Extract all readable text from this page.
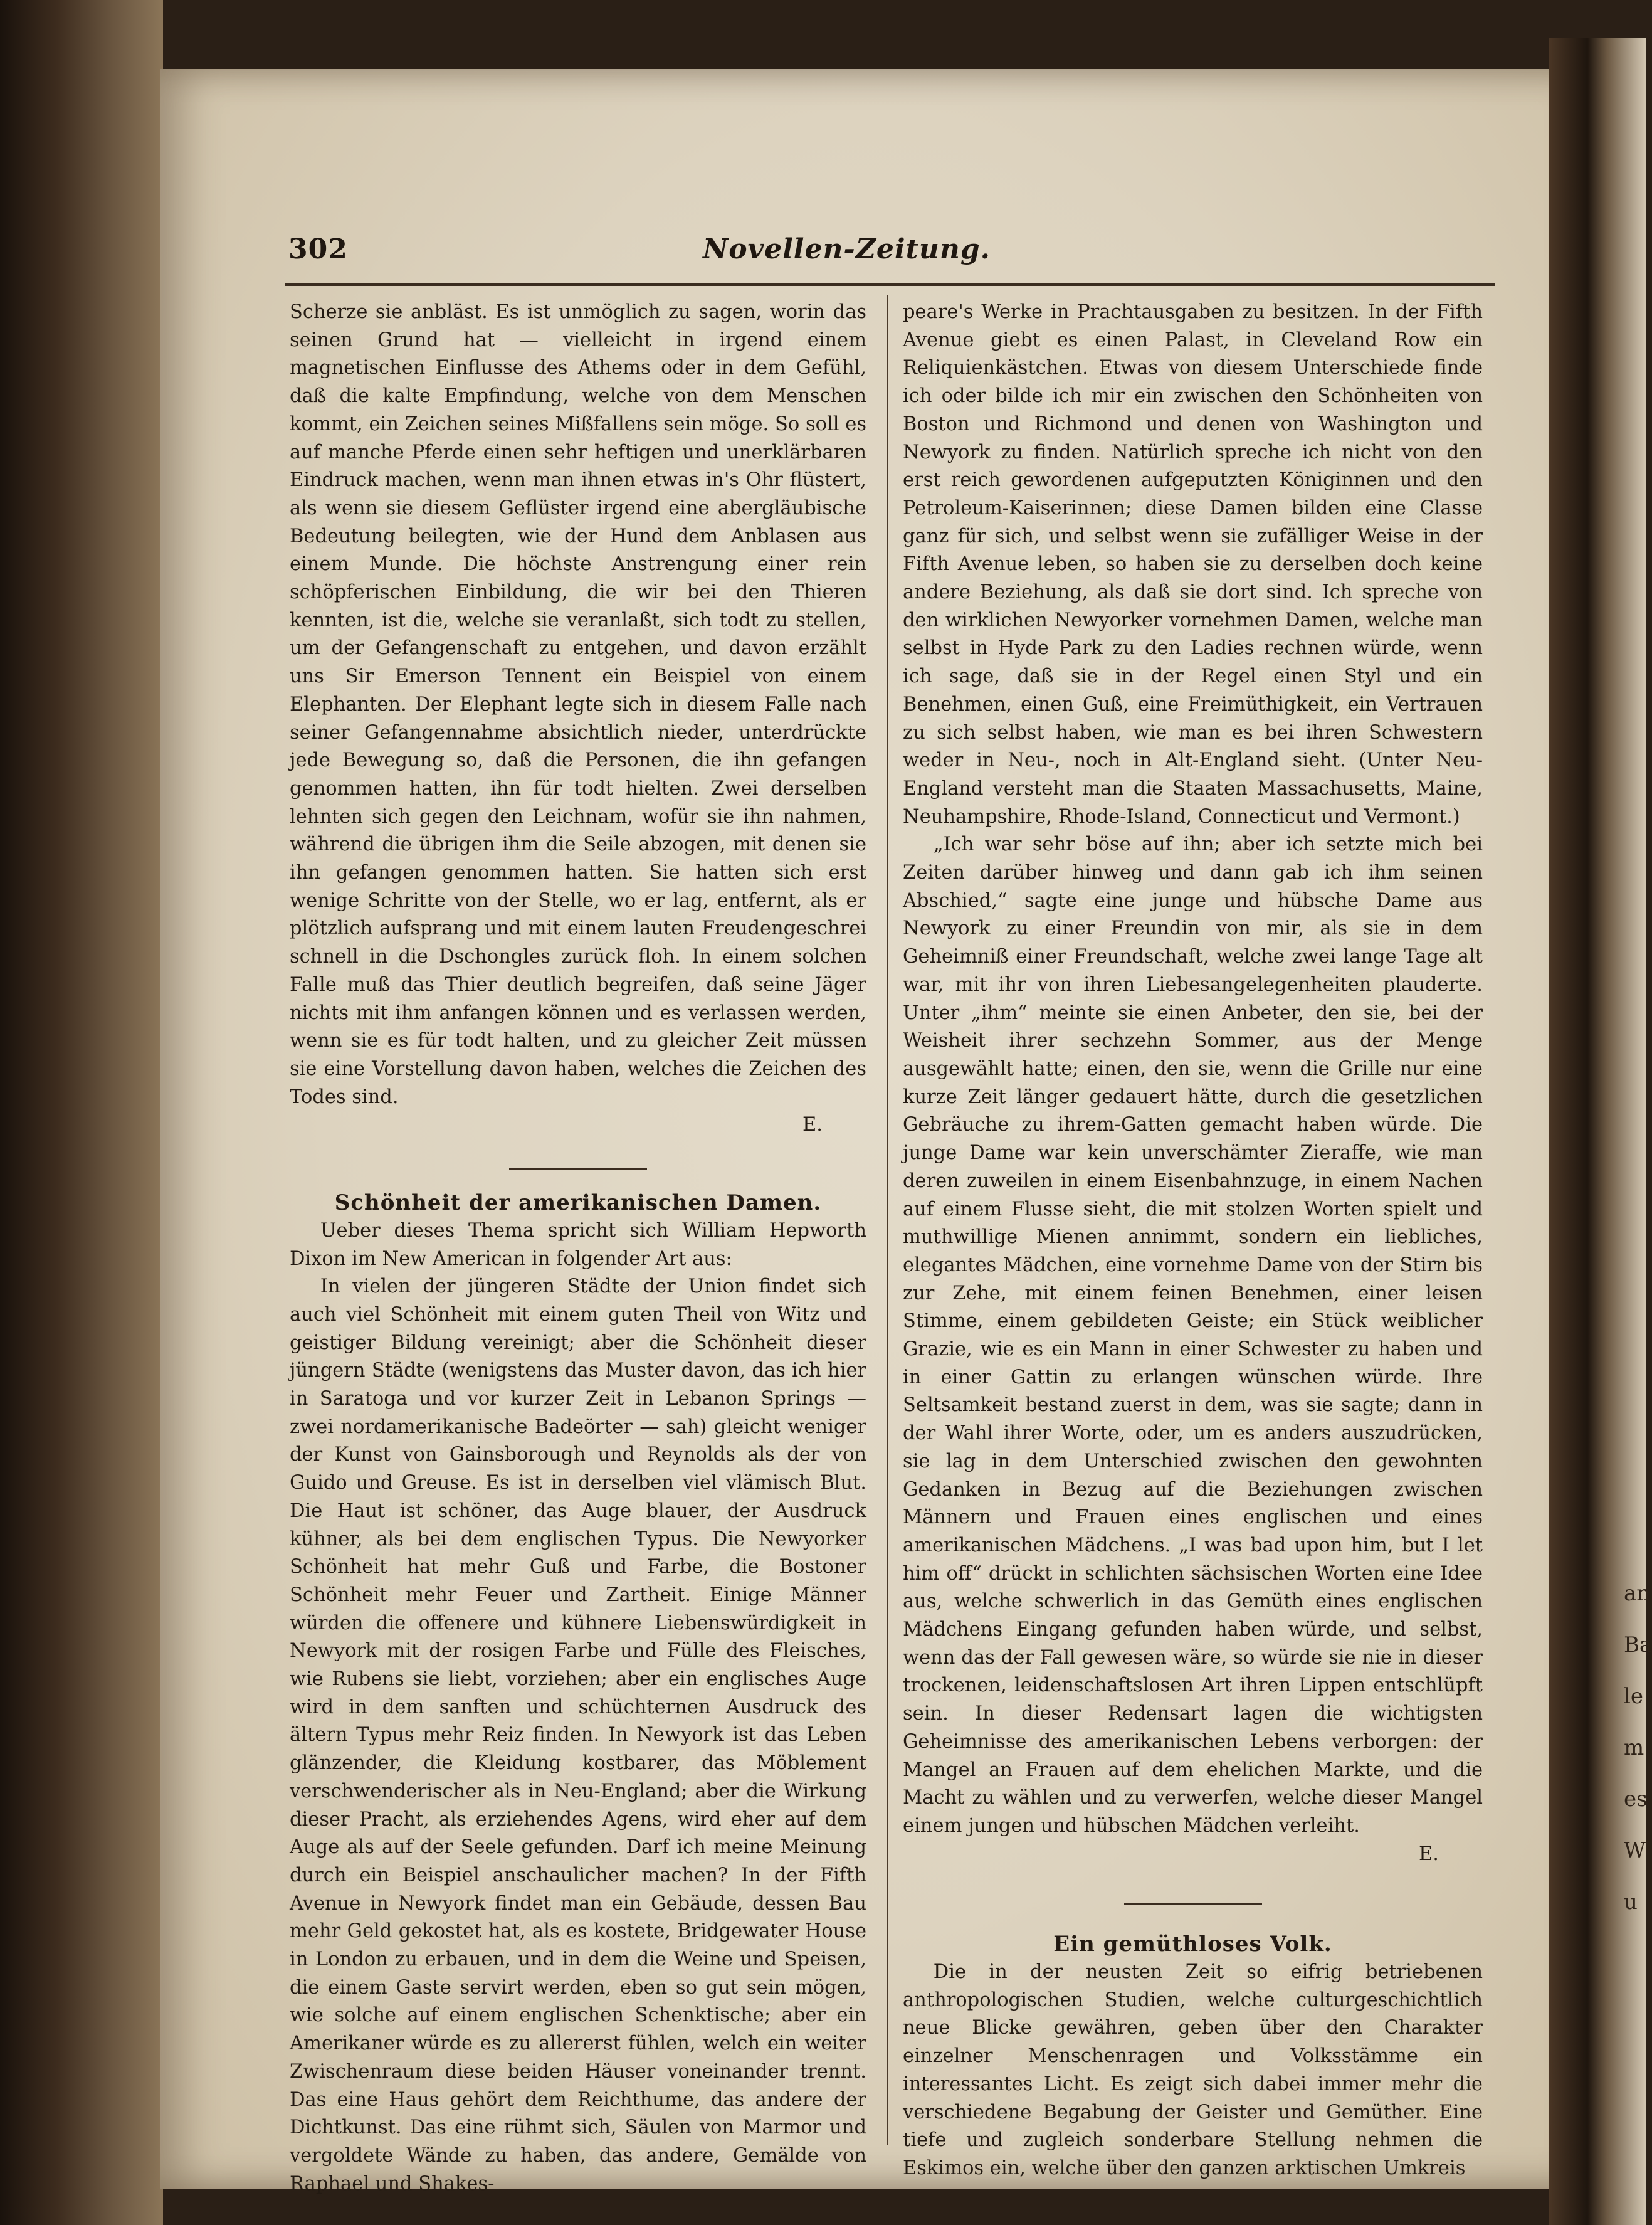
an
Ba
le
m
es
W
u
302	Novellen-Zeitung.

Scherze sie anbläst. Es ist unmöglich zu sagen, worin das seinen Grund hat — vielleicht in irgend einem magnetischen Einflusse des Athems oder in dem Gefühl, daß die kalte Empfindung, welche von dem Menschen kommt, ein Zeichen seines Mißfallens sein möge. So soll es auf manche Pferde einen sehr heftigen und unerklärbaren Eindruck machen, wenn man ihnen etwas in's Ohr flüstert, als wenn sie diesem Geflüster irgend eine abergläubische Bedeutung beilegten, wie der Hund dem Anblasen aus einem Munde. Die höchste Anstrengung einer rein schöpferischen Einbildung, die wir bei den Thieren kennten, ist die, welche sie veranlaßt, sich todt zu stellen, um der Gefangenschaft zu entgehen, und davon erzählt uns Sir Emerson Tennent ein Beispiel von einem Elephanten. Der Elephant legte sich in diesem Falle nach seiner Gefangennahme absichtlich nieder, unterdrückte jede Bewegung so, daß die Personen, die ihn gefangen genommen hatten, ihn für todt hielten. Zwei derselben lehnten sich gegen den Leichnam, wofür sie ihn nahmen, während die übrigen ihm die Seile abzogen, mit denen sie ihn gefangen genommen hatten. Sie hatten sich erst wenige Schritte von der Stelle, wo er lag, entfernt, als er plötzlich aufsprang und mit einem lauten Freudengeschrei schnell in die Dschongles zurück floh. In einem solchen Falle muß das Thier deutlich begreifen, daß seine Jäger nichts mit ihm anfangen können und es verlassen werden, wenn sie es für todt halten, und zu gleicher Zeit müssen sie eine Vorstellung davon haben, welches die Zeichen des Todes sind.

E.

Schönheit der amerikanischen Damen.

Ueber dieses Thema spricht sich William Hepworth Dixon im New American in folgender Art aus:

In vielen der jüngeren Städte der Union findet sich auch viel Schönheit mit einem guten Theil von Witz und geistiger Bildung vereinigt; aber die Schönheit dieser jüngern Städte (wenigstens das Muster davon, das ich hier in Saratoga und vor kurzer Zeit in Lebanon Springs — zwei nordamerikanische Badeörter — sah) gleicht weniger der Kunst von Gainsborough und Reynolds als der von Guido und Greuse. Es ist in derselben viel vlämisch Blut. Die Haut ist schöner, das Auge blauer, der Ausdruck kühner, als bei dem englischen Typus. Die Newyorker Schönheit hat mehr Guß und Farbe, die Bostoner Schönheit mehr Feuer und Zartheit. Einige Männer würden die offenere und kühnere Liebenswürdigkeit in Newyork mit der rosigen Farbe und Fülle des Fleisches, wie Rubens sie liebt, vorziehen; aber ein englisches Auge wird in dem sanften und schüchternen Ausdruck des ältern Typus mehr Reiz finden. In Newyork ist das Leben glänzender, die Kleidung kostbarer, das Möblement verschwenderischer als in Neu-England; aber die Wirkung dieser Pracht, als erziehendes Agens, wird eher auf dem Auge als auf der Seele gefunden. Darf ich meine Meinung durch ein Beispiel anschaulicher machen? In der Fifth Avenue in Newyork findet man ein Gebäude, dessen Bau mehr Geld gekostet hat, als es kostete, Bridgewater House in London zu erbauen, und in dem die Weine und Speisen, die einem Gaste servirt werden, eben so gut sein mögen, wie solche auf einem englischen Schenktische; aber ein Amerikaner würde es zu allererst fühlen, welch ein weiter Zwischenraum diese beiden Häuser voneinander trennt. Das eine Haus gehört dem Reichthume, das andere der Dichtkunst. Das eine rühmt sich, Säulen von Marmor und vergoldete Wände zu haben, das andere, Gemälde von Raphael und Shakes-

peare's Werke in Prachtausgaben zu besitzen. In der Fifth Avenue giebt es einen Palast, in Cleveland Row ein Reliquienkästchen. Etwas von diesem Unterschiede finde ich oder bilde ich mir ein zwischen den Schönheiten von Boston und Richmond und denen von Washington und Newyork zu finden. Natürlich spreche ich nicht von den erst reich gewordenen aufgeputzten Königinnen und den Petroleum-Kaiserinnen; diese Damen bilden eine Classe ganz für sich, und selbst wenn sie zufälliger Weise in der Fifth Avenue leben, so haben sie zu derselben doch keine andere Beziehung, als daß sie dort sind. Ich spreche von den wirklichen Newyorker vornehmen Damen, welche man selbst in Hyde Park zu den Ladies rechnen würde, wenn ich sage, daß sie in der Regel einen Styl und ein Benehmen, einen Guß, eine Freimüthigkeit, ein Vertrauen zu sich selbst haben, wie man es bei ihren Schwestern weder in Neu-, noch in Alt-England sieht. (Unter Neu-England versteht man die Staaten Massachusetts, Maine, Neuhampshire, Rhode-Island, Connecticut und Vermont.)

„Ich war sehr böse auf ihn; aber ich setzte mich bei Zeiten darüber hinweg und dann gab ich ihm seinen Abschied,“ sagte eine junge und hübsche Dame aus Newyork zu einer Freundin von mir, als sie in dem Geheimniß einer Freundschaft, welche zwei lange Tage alt war, mit ihr von ihren Liebesangelegenheiten plauderte. Unter „ihm“ meinte sie einen Anbeter, den sie, bei der Weisheit ihrer sechzehn Sommer, aus der Menge ausgewählt hatte; einen, den sie, wenn die Grille nur eine kurze Zeit länger gedauert hätte, durch die gesetzlichen Gebräuche zu ihrem-Gatten gemacht haben würde. Die junge Dame war kein unverschämter Zieraffe, wie man deren zuweilen in einem Eisenbahnzuge, in einem Nachen auf einem Flusse sieht, die mit stolzen Worten spielt und muthwillige Mienen annimmt, sondern ein liebliches, elegantes Mädchen, eine vornehme Dame von der Stirn bis zur Zehe, mit einem feinen Benehmen, einer leisen Stimme, einem gebildeten Geiste; ein Stück weiblicher Grazie, wie es ein Mann in einer Schwester zu haben und in einer Gattin zu erlangen wünschen würde. Ihre Seltsamkeit bestand zuerst in dem, was sie sagte; dann in der Wahl ihrer Worte, oder, um es anders auszudrücken, sie lag in dem Unterschied zwischen den gewohnten Gedanken in Bezug auf die Beziehungen zwischen Männern und Frauen eines englischen und eines amerikanischen Mädchens. „I was bad upon him, but I let him off“ drückt in schlichten sächsischen Worten eine Idee aus, welche schwerlich in das Gemüth eines englischen Mädchens Eingang gefunden haben würde, und selbst, wenn das der Fall gewesen wäre, so würde sie nie in dieser trockenen, leidenschaftslosen Art ihren Lippen entschlüpft sein. In dieser Redensart lagen die wichtigsten Geheimnisse des amerikanischen Lebens verborgen: der Mangel an Frauen auf dem ehelichen Markte, und die Macht zu wählen und zu verwerfen, welche dieser Mangel einem jungen und hübschen Mädchen verleiht.

E.

Ein gemüthloses Volk.

Die in der neusten Zeit so eifrig betriebenen anthropologischen Studien, welche culturgeschichtlich neue Blicke gewähren, geben über den Charakter einzelner Menschenragen und Volksstämme ein interessantes Licht. Es zeigt sich dabei immer mehr die verschiedene Begabung der Geister und Gemüther. Eine tiefe und zugleich sonderbare Stellung nehmen die Eskimos ein, welche über den ganzen arktischen Umkreis
